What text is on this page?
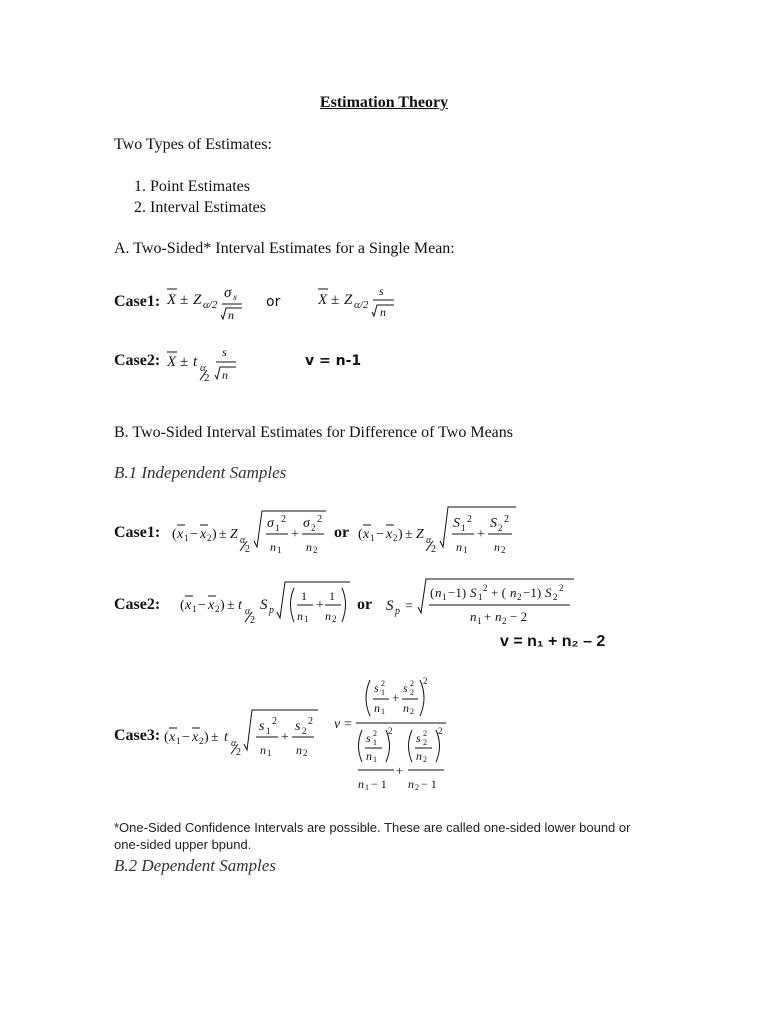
Estimation Theory
Two Types of Estimates:
1. Point Estimates
2. Interval Estimates
A. Two-Sided* Interval Estimates for a Single Mean:
Case1: X ± Z α/2
σ x
n
or	X ± Z α/2
s
n
Case2: X ± t α
2
s
n
v = n-1
B. Two-Sided Interval Estimates for Difference of Two Means
B.1 Independent Samples
Case1: ( x 1 − x 2 ) ± Z α
2
σ 1
2
n 1
+
σ 2
2
n 2
or ( x 1 − x 2 ) ± Z α
2
S 1
2
n 1
+
S 2
2
n 2
Case2: ( x 1 − x 2 ) ± t α
2
S p
1
n 1
+
1
n 2
or S p =
( n 1 −1) S 1
2 + ( n 2 −1) S 2
2
n 1 + n 2 − 2
v = n₁ + n₂ – 2
Case3: ( x 1 − x 2 ) ± t α
2
s 1
2
n 1
+
s 2
2
n 2
v =
2
s 1
2
n 1
+
s 2
2
n 2
2
s 1
2
n 1
n 1 − 1
+
2
s 2
2
n 2
n 2 − 1
*One-Sided Confidence Intervals are possible. These are called one-sided lower bound or
one-sided upper bpund.
B.2 Dependent Samples
